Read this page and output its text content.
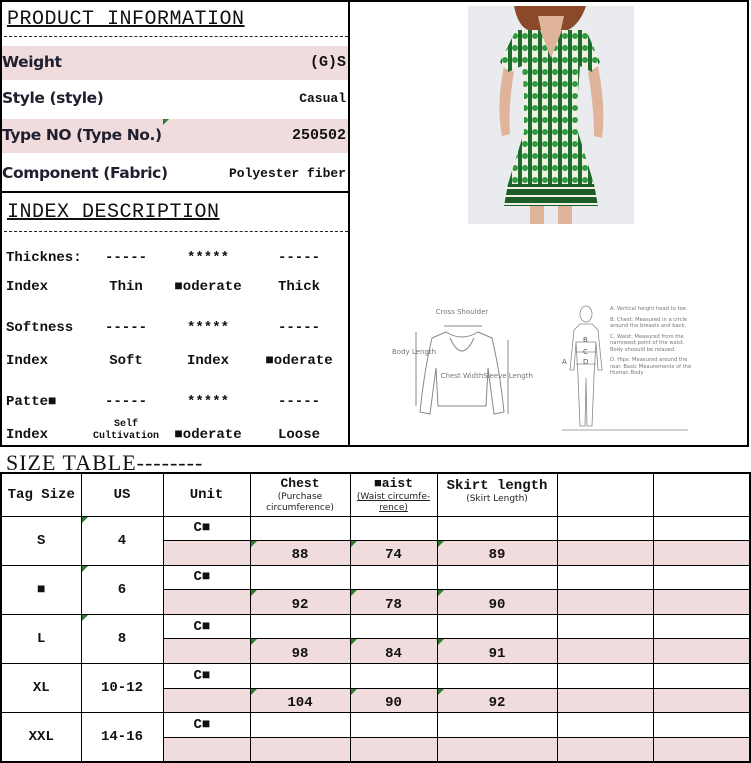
PRODUCT INFORMATION
Weight	(G)S
Style (style)	Casual
Type NO (Type No.)	250502
Component (Fabric)	Polyester fiber
INDEX DESCRIPTION
Thicknes:	-----	*****	-----
Index	Thin	■oderate	Thick
Softness	-----	*****	-----
Index	Soft	Index	■oderate
Patte■	-----	*****	-----
Index
Self Cultivation	■oderate	Loose
Cross Shoulder
Body Length
Chest Width Sleeve Length
A
B
C
D
A. Vertical height head to toe.
B. Chest: Measured in a circle around the breasts and back.
C. Waist: Measured from the narrowest point of the waist. Body shoould be relaxed.
D. Hips: Measured around the rear. Basic Meaurements of the Human Body
SIZE TABLE--------
Tag Size	US	Unit	Chest
(Purchase circumference)
	■aist
(Waist circumfe-rence)
	Skirt length
(Skirt Length)

S	4	C■					

88	74	89		
■	6	C■					

92	78	90		
L	8	C■					

98	84	91		
XL	10-12	C■					

104	90	92		
XXL	14-16	C■					
